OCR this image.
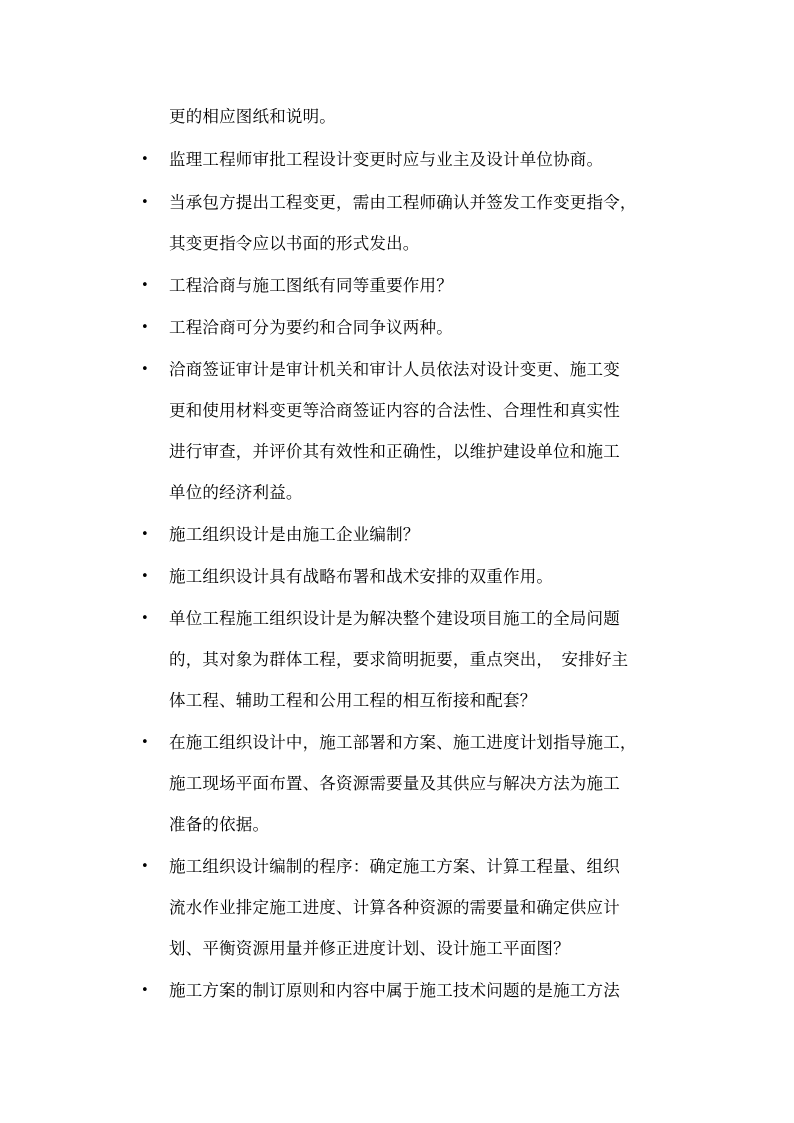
更的相应图纸和说明。
• 监理工程师审批工程设计变更时应与业主及设计单位协商。
• 当承包方提出工程变更，需由工程师确认并签发工作变更指令，
其变更指令应以书面的形式发出。
• 工程洽商与施工图纸有同等重要作用？
• 工程洽商可分为要约和合同争议两种。
• 洽商签证审计是审计机关和审计人员依法对设计变更、施工变
更和使用材料变更等洽商签证内容的合法性、合理性和真实性
进行审查，并评价其有效性和正确性，以维护建设单位和施工
单位的经济利益。
• 施工组织设计是由施工企业编制？
• 施工组织设计具有战略布署和战术安排的双重作用。
• 单位工程施工组织设计是为解决整个建设项目施工的全局问题
的，其对象为群体工程，要求简明扼要，重点突出，　安排好主
体工程、辅助工程和公用工程的相互衔接和配套？
• 在施工组织设计中，施工部署和方案、施工进度计划指导施工，
施工现场平面布置、各资源需要量及其供应与解决方法为施工
准备的依据。
• 施工组织设计编制的程序：确定施工方案、计算工程量、组织
流水作业排定施工进度、计算各种资源的需要量和确定供应计
划、平衡资源用量并修正进度计划、设计施工平面图？
• 施工方案的制订原则和内容中属于施工技术问题的是施工方法
